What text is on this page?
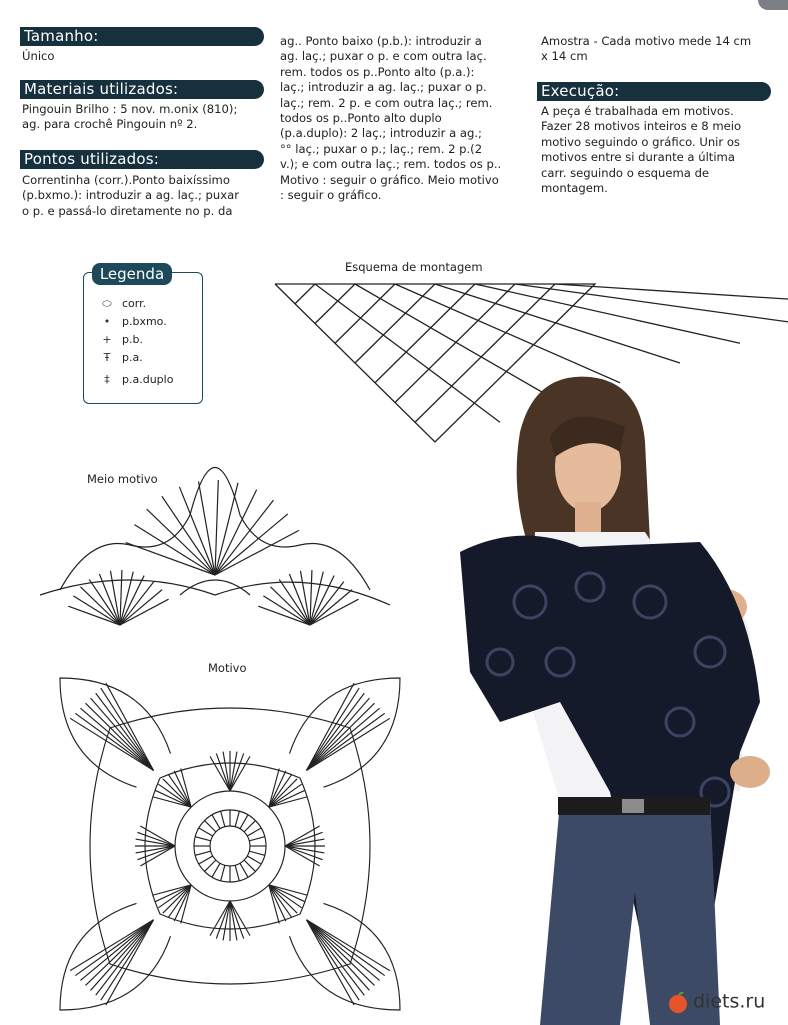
Tamanho:
Único
Materiais utilizados:
Pingouin Brilho : 5 nov. m.onix (810);
ag. para crochê Pingouin nº 2.
Pontos utilizados:
Correntinha (corr.).Ponto baixíssimo
(p.bxmo.): introduzir a ag. laç.; puxar
o p. e passá-lo diretamente no p. da
ag.. Ponto baixo (p.b.): introduzir a
ag. laç.; puxar o p. e com outra laç.
rem. todos os p..Ponto alto (p.a.):
laç.; introduzir a ag. laç.; puxar o p.
laç.; rem. 2 p. e com outra laç.; rem.
todos os p..Ponto alto duplo
(p.a.duplo): 2 laç.; introduzir a ag.;
°° laç.; puxar o p.; laç.; rem. 2 p.(2
v.); e com outra laç.; rem. todos os p..
Motivo : seguir o gráfico. Meio motivo
: seguir o gráfico.
Amostra - Cada motivo mede 14 cm
x 14 cm
Execução:
A peça é trabalhada em motivos.
Fazer 28 motivos inteiros e 8 meio
motivo seguindo o gráfico. Unir os
motivos entre si durante a última
carr. seguindo o esquema de
montagem.
Legenda
⬭ corr.
• p.bxmo.
+ p.b.
Ŧ p.a.
‡ p.a.duplo
Esquema de montagem
Meio motivo
Motivo
diets.ru
